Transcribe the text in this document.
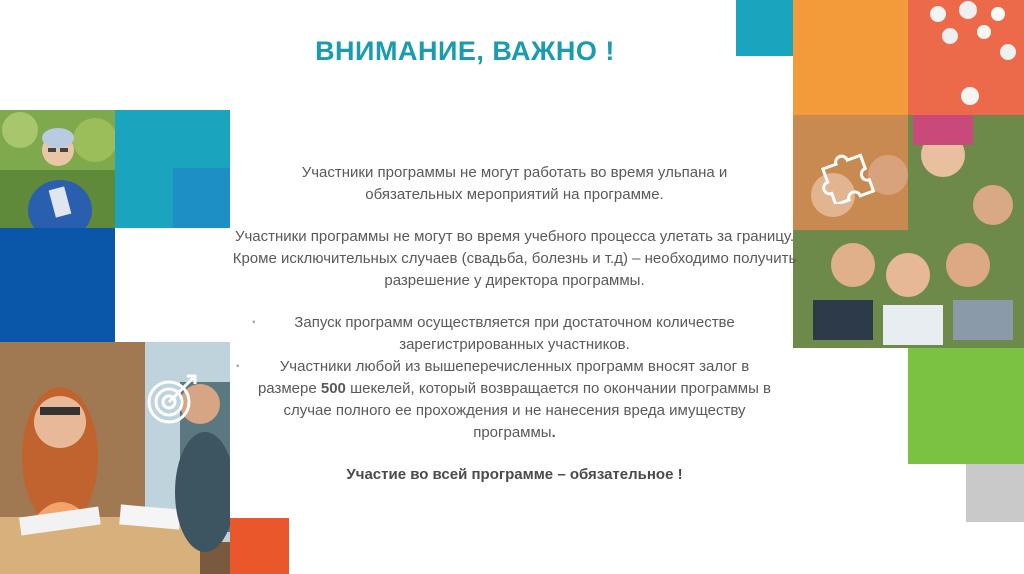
ВНИМАНИЕ, ВАЖНО !

Участники программы не могут работать во время ульпана и обязательных мероприятий на программе.

Участники программы не могут во время учебного процесса улетать за границу. Кроме исключительных случаев (свадьба, болезнь и т.д) – необходимо получить разрешение у директора программы.

▪	Запуск программ осуществляется при достаточном количестве зарегистрированных участников.

▪	Участники любой из вышеперечисленных программ вносят залог в размере 500 шекелей, который возвращается по окончании программы в случае полного ее прохождения и не нанесения вреда имуществу программы.

Участие во всей программе – обязательное !
